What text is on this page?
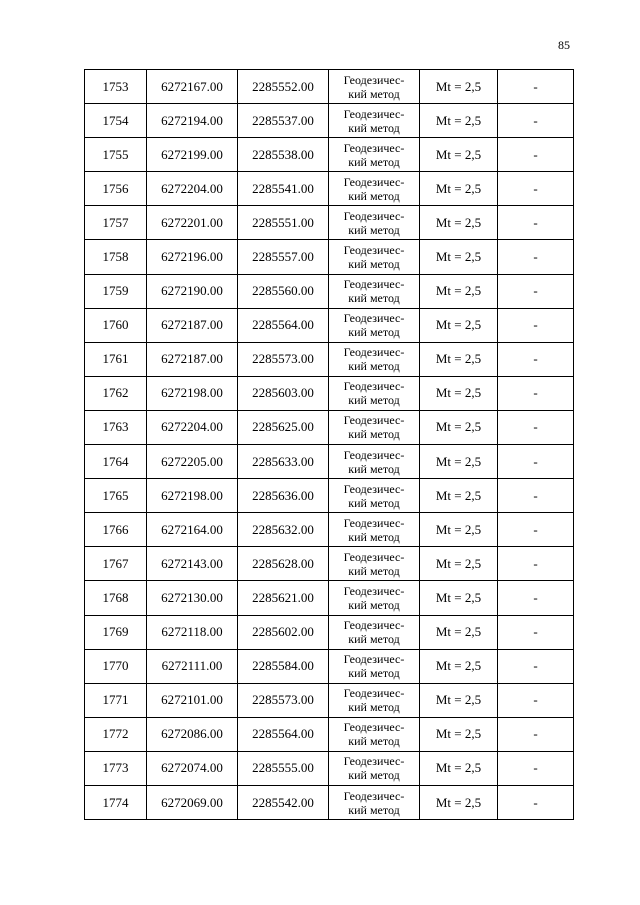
85
1753	6272167.00	2285552.00	Геодезичес-
кий метод	Mt = 2,5	-
1754	6272194.00	2285537.00	Геодезичес-
кий метод	Mt = 2,5	-
1755	6272199.00	2285538.00	Геодезичес-
кий метод	Mt = 2,5	-
1756	6272204.00	2285541.00	Геодезичес-
кий метод	Mt = 2,5	-
1757	6272201.00	2285551.00	Геодезичес-
кий метод	Mt = 2,5	-
1758	6272196.00	2285557.00	Геодезичес-
кий метод	Mt = 2,5	-
1759	6272190.00	2285560.00	Геодезичес-
кий метод	Mt = 2,5	-
1760	6272187.00	2285564.00	Геодезичес-
кий метод	Mt = 2,5	-
1761	6272187.00	2285573.00	Геодезичес-
кий метод	Mt = 2,5	-
1762	6272198.00	2285603.00	Геодезичес-
кий метод	Mt = 2,5	-
1763	6272204.00	2285625.00	Геодезичес-
кий метод	Mt = 2,5	-
1764	6272205.00	2285633.00	Геодезичес-
кий метод	Mt = 2,5	-
1765	6272198.00	2285636.00	Геодезичес-
кий метод	Mt = 2,5	-
1766	6272164.00	2285632.00	Геодезичес-
кий метод	Mt = 2,5	-
1767	6272143.00	2285628.00	Геодезичес-
кий метод	Mt = 2,5	-
1768	6272130.00	2285621.00	Геодезичес-
кий метод	Mt = 2,5	-
1769	6272118.00	2285602.00	Геодезичес-
кий метод	Mt = 2,5	-
1770	6272111.00	2285584.00	Геодезичес-
кий метод	Mt = 2,5	-
1771	6272101.00	2285573.00	Геодезичес-
кий метод	Mt = 2,5	-
1772	6272086.00	2285564.00	Геодезичес-
кий метод	Mt = 2,5	-
1773	6272074.00	2285555.00	Геодезичес-
кий метод	Mt = 2,5	-
1774	6272069.00	2285542.00	Геодезичес-
кий метод	Mt = 2,5	-
